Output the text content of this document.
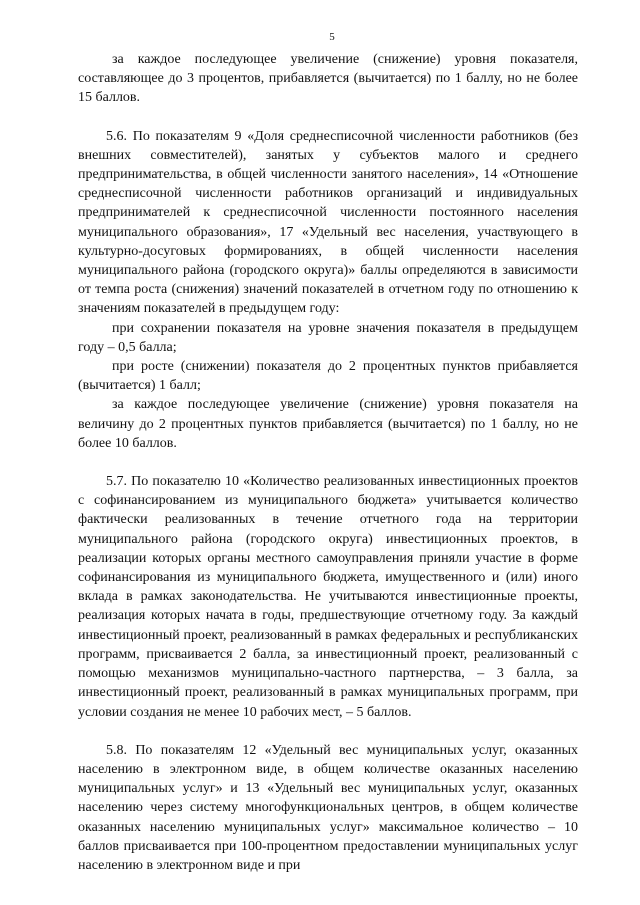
5

за каждое последующее увеличение (снижение) уровня показателя, составляющее до 3 процентов, прибавляется (вычитается) по 1 баллу, но не более 15 баллов.

5.6. По показателям 9 «Доля среднесписочной численности работников (без внешних совместителей), занятых у субъектов малого и среднего предпринимательства, в общей численности занятого населения», 14 «Отношение среднесписочной численности работников организаций и индивидуальных предпринимателей к среднесписочной численности постоянного населения муниципального образования», 17 «Удельный вес населения, участвующего в культурно-досуговых формированиях, в общей численности населения муниципального района (городского округа)» баллы определяются в зависимости от темпа роста (снижения) значений показателей в отчетном году по отношению к значениям показателей в предыдущем году:

при сохранении показателя на уровне значения показателя в предыдущем году – 0,5 балла;

при росте (снижении) показателя до 2 процентных пунктов прибавляется (вычитается) 1 балл;

за каждое последующее увеличение (снижение) уровня показателя на величину до 2 процентных пунктов прибавляется (вычитается) по 1 баллу, но не более 10 баллов.

5.7. По показателю 10 «Количество реализованных инвестиционных проектов с софинансированием из муниципального бюджета» учитывается количество фактически реализованных в течение отчетного года на территории муниципального района (городского округа) инвестиционных проектов, в реализации которых органы местного самоуправления приняли участие в форме софинансирования из муниципального бюджета, имущественного и (или) иного вклада в рамках законодательства. Не учитываются инвестиционные проекты, реализация которых начата в годы, предшествующие отчетному году. За каждый инвестиционный проект, реализованный в рамках федеральных и республиканских программ, присваивается 2 балла, за инвестиционный проект, реализованный с помощью механизмов муниципально-частного партнерства, – 3 балла, за инвестиционный проект, реализованный в рамках муниципальных программ, при условии создания не менее 10 рабочих мест, – 5 баллов.

5.8. По показателям 12 «Удельный вес муниципальных услуг, оказанных населению в электронном виде, в общем количестве оказанных населению муниципальных услуг» и 13 «Удельный вес муниципальных услуг, оказанных населению через систему многофункциональных центров, в общем количестве оказанных населению муниципальных услуг» максимальное количество – 10 баллов присваивается при 100-процентном предоставлении муниципальных услуг населению в электронном виде и при
